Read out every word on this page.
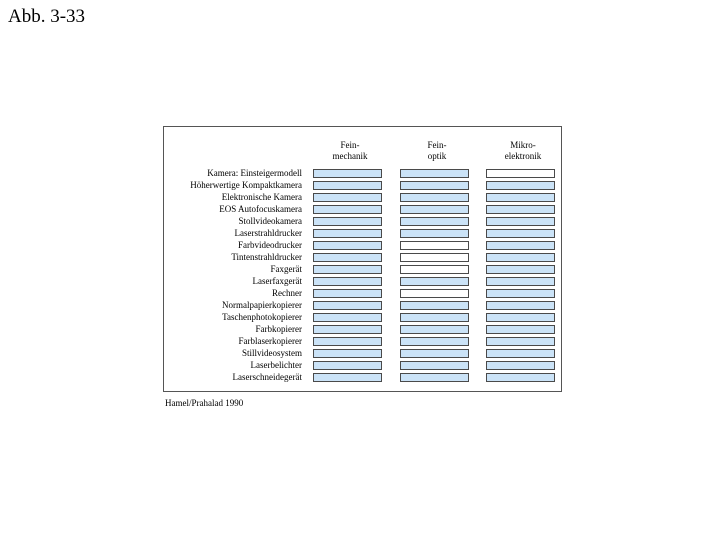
Abb. 3-33
Fein-
mechanik
Fein-
optik
Mikro-
elektronik
Kamera: Einsteigermodell
Höherwertige Kompaktkamera
Elektronische Kamera
EOS Autofocuskamera
Stollvideokamera
Laserstrahldrucker
Farbvideodrucker
Tintenstrahldrucker
Faxgerät
Laserfaxgerät
Rechner
Normalpapierkopierer
Taschenphotokopierer
Farbkopierer
Farblaserkopierer
Stillvideosystem
Laserbelichter
Laserschneidegerät
Hamel/Prahalad 1990
